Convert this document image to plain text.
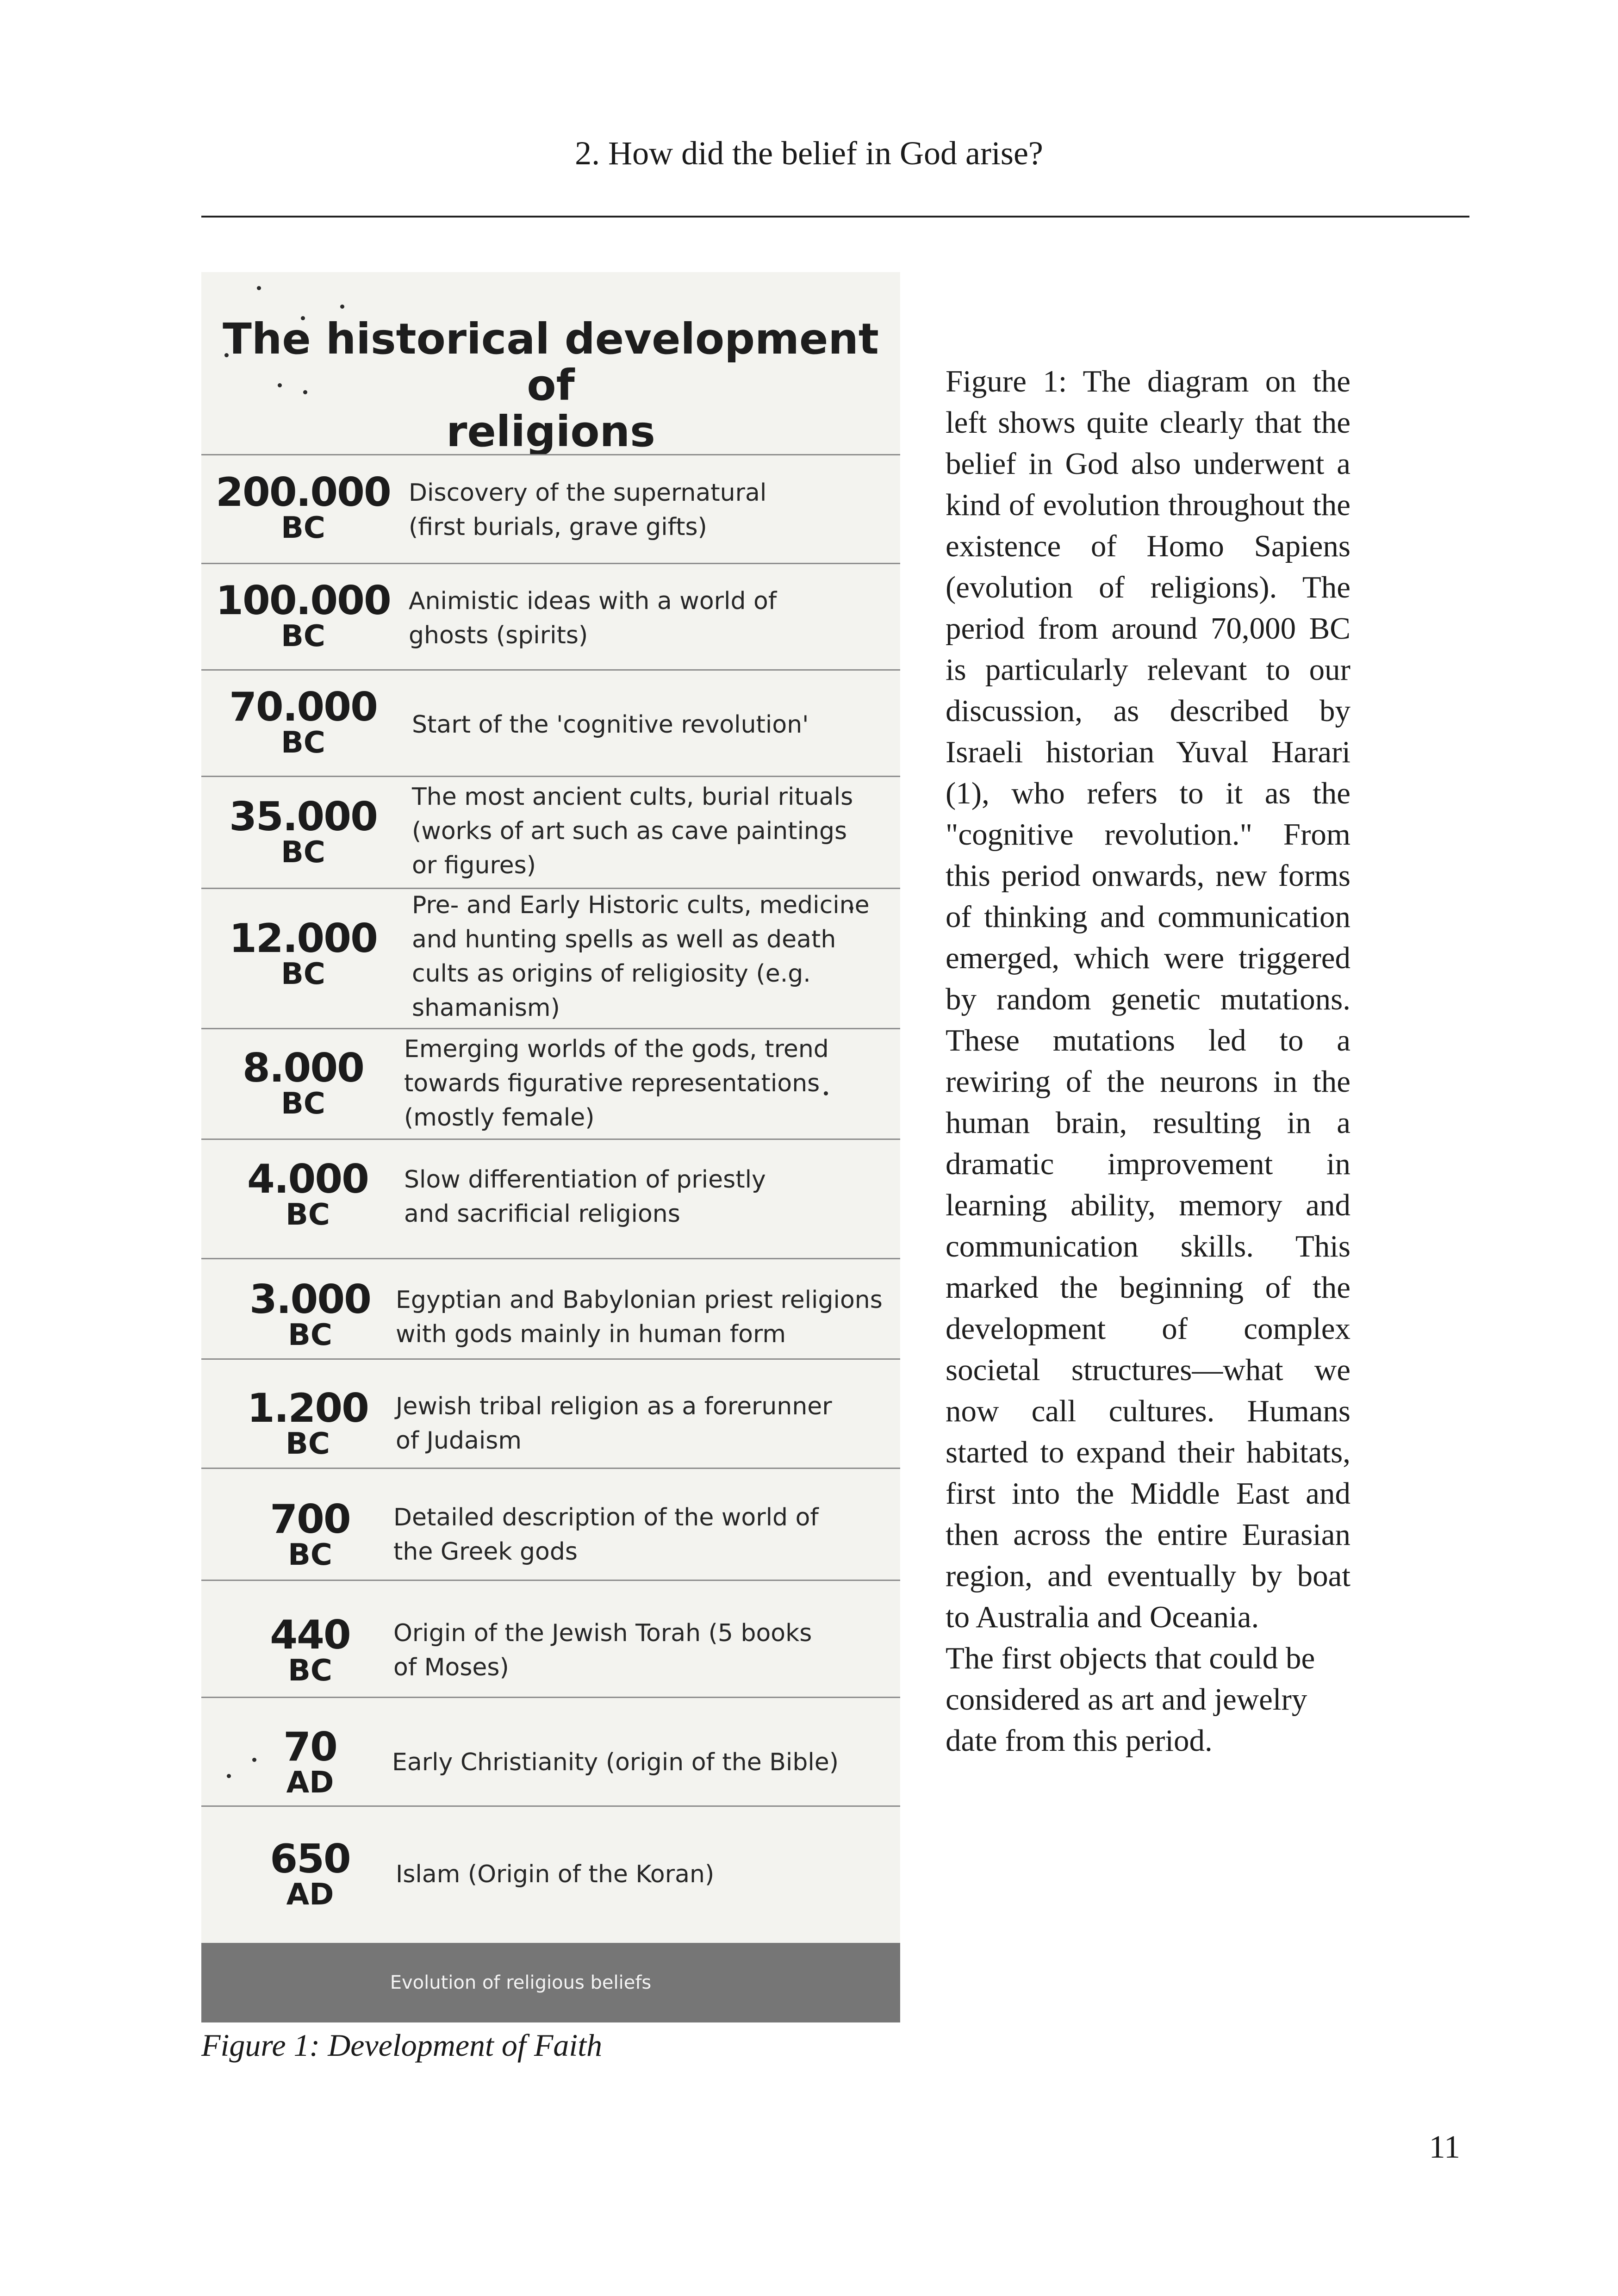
2. How did the belief in God arise?
The historical development of
religions
200.000
BC
Discovery of the supernatural (first burials, grave gifts)
100.000
BC
Animistic ideas with a world of ghosts (spirits)
70.000
BC
Start of the 'cognitive revolution'
35.000
BC
The most ancient cults, burial rituals (works of art such as cave paintings or figures)
12.000
BC
Pre- and Early Historic cults, medicine and hunting spells as well as death cults as origins of religiosity (e.g. shamanism)
8.000
BC
Emerging worlds of the gods, trend towards figurative representations (mostly female)
4.000
BC
Slow differentiation of priestly and sacrificial religions
3.000
BC
Egyptian and Babylonian priest religions with gods mainly in human form
1.200
BC
Jewish tribal religion as a forerunner of Judaism
700
BC
Detailed description of the world of the Greek gods
440
BC
Origin of the Jewish Torah (5 books of Moses)
70
AD
Early Christianity (origin of the Bible)
650
AD
Islam (Origin of the Koran)
Evolution of religious beliefs
Figure 1: Development of Faith

Figure 1: The diagram on the left shows quite clearly that the belief in God also underwent a kind of evolution throughout the existence of Homo Sapiens (evolution of religions). The period from around 70,000 BC is particularly relevant to our discussion, as described by Israeli historian Yuval Harari (1), who refers to it as the "cognitive revolution." From this period onwards, new forms of thinking and communication emerged, which were triggered by random genetic mutations. These mutations led to a rewiring of the neurons in the human brain, resulting in a dramatic improvement in learning ability, memory and communication skills. This marked the beginning of the development of complex societal structures—what we now call cultures. Humans started to expand their habitats, first into the Middle East and then across the entire Eurasian region, and eventually by boat to Australia and Oceania.

The first objects that could be considered as art and jewelry date from this period.

11
